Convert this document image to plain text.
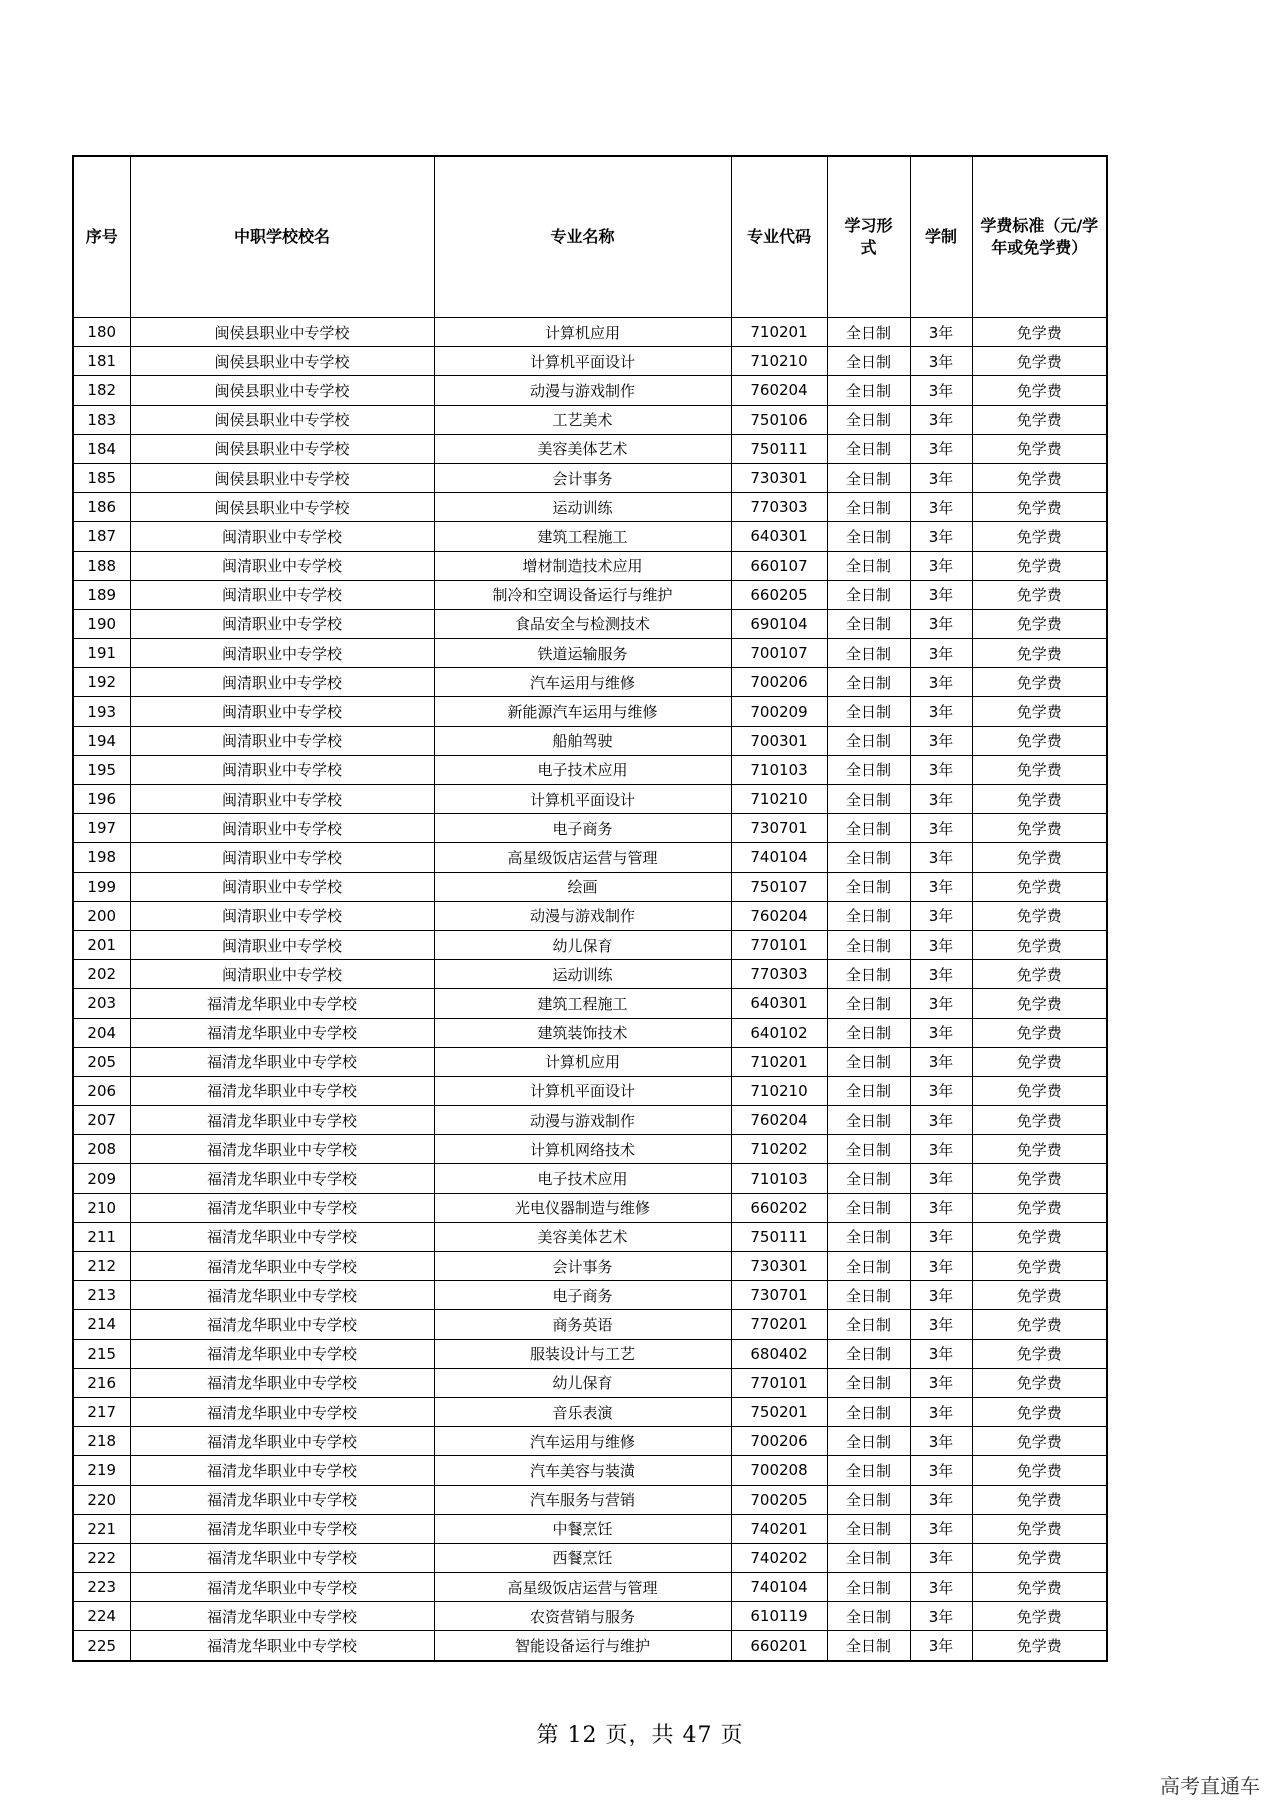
序号	中职学校校名	专业名称	专业代码	学习形式	学制	学费标准（元/学年或免学费）

180	闽侯县职业中专学校	计算机应用	710201	全日制	3年	免学费
181	闽侯县职业中专学校	计算机平面设计	710210	全日制	3年	免学费
182	闽侯县职业中专学校	动漫与游戏制作	760204	全日制	3年	免学费
183	闽侯县职业中专学校	工艺美术	750106	全日制	3年	免学费
184	闽侯县职业中专学校	美容美体艺术	750111	全日制	3年	免学费
185	闽侯县职业中专学校	会计事务	730301	全日制	3年	免学费
186	闽侯县职业中专学校	运动训练	770303	全日制	3年	免学费
187	闽清职业中专学校	建筑工程施工	640301	全日制	3年	免学费
188	闽清职业中专学校	增材制造技术应用	660107	全日制	3年	免学费
189	闽清职业中专学校	制冷和空调设备运行与维护	660205	全日制	3年	免学费
190	闽清职业中专学校	食品安全与检测技术	690104	全日制	3年	免学费
191	闽清职业中专学校	铁道运输服务	700107	全日制	3年	免学费
192	闽清职业中专学校	汽车运用与维修	700206	全日制	3年	免学费
193	闽清职业中专学校	新能源汽车运用与维修	700209	全日制	3年	免学费
194	闽清职业中专学校	船舶驾驶	700301	全日制	3年	免学费
195	闽清职业中专学校	电子技术应用	710103	全日制	3年	免学费
196	闽清职业中专学校	计算机平面设计	710210	全日制	3年	免学费
197	闽清职业中专学校	电子商务	730701	全日制	3年	免学费
198	闽清职业中专学校	高星级饭店运营与管理	740104	全日制	3年	免学费
199	闽清职业中专学校	绘画	750107	全日制	3年	免学费
200	闽清职业中专学校	动漫与游戏制作	760204	全日制	3年	免学费
201	闽清职业中专学校	幼儿保育	770101	全日制	3年	免学费
202	闽清职业中专学校	运动训练	770303	全日制	3年	免学费
203	福清龙华职业中专学校	建筑工程施工	640301	全日制	3年	免学费
204	福清龙华职业中专学校	建筑装饰技术	640102	全日制	3年	免学费
205	福清龙华职业中专学校	计算机应用	710201	全日制	3年	免学费
206	福清龙华职业中专学校	计算机平面设计	710210	全日制	3年	免学费
207	福清龙华职业中专学校	动漫与游戏制作	760204	全日制	3年	免学费
208	福清龙华职业中专学校	计算机网络技术	710202	全日制	3年	免学费
209	福清龙华职业中专学校	电子技术应用	710103	全日制	3年	免学费
210	福清龙华职业中专学校	光电仪器制造与维修	660202	全日制	3年	免学费
211	福清龙华职业中专学校	美容美体艺术	750111	全日制	3年	免学费
212	福清龙华职业中专学校	会计事务	730301	全日制	3年	免学费
213	福清龙华职业中专学校	电子商务	730701	全日制	3年	免学费
214	福清龙华职业中专学校	商务英语	770201	全日制	3年	免学费
215	福清龙华职业中专学校	服装设计与工艺	680402	全日制	3年	免学费
216	福清龙华职业中专学校	幼儿保育	770101	全日制	3年	免学费
217	福清龙华职业中专学校	音乐表演	750201	全日制	3年	免学费
218	福清龙华职业中专学校	汽车运用与维修	700206	全日制	3年	免学费
219	福清龙华职业中专学校	汽车美容与装潢	700208	全日制	3年	免学费
220	福清龙华职业中专学校	汽车服务与营销	700205	全日制	3年	免学费
221	福清龙华职业中专学校	中餐烹饪	740201	全日制	3年	免学费
222	福清龙华职业中专学校	西餐烹饪	740202	全日制	3年	免学费
223	福清龙华职业中专学校	高星级饭店运营与管理	740104	全日制	3年	免学费
224	福清龙华职业中专学校	农资营销与服务	610119	全日制	3年	免学费
225	福清龙华职业中专学校	智能设备运行与维护	660201	全日制	3年	免学费
第 12 页，共 47 页
高考直通车
